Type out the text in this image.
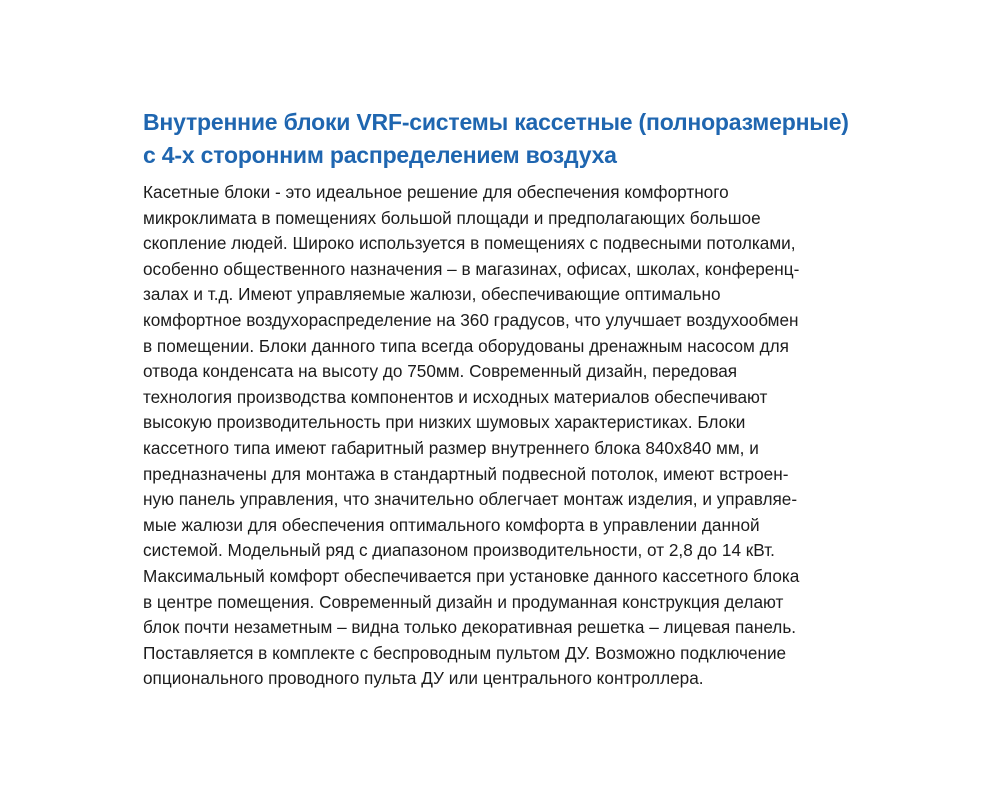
Внутренние блоки VRF-системы кассетные (полноразмерные)
с 4-х сторонним распределением воздуха

Касетные блоки - это идеальное решение для обеспечения комфортного
микроклимата в помещениях большой площади и предполагающих большое
скопление людей. Широко используется в помещениях с подвесными потолками,
особенно общественного назначения – в магазинах, офисах, школах, конференц-
залах и т.д. Имеют управляемые жалюзи, обеспечивающие оптимально
комфортное воздухораспределение на 360 градусов, что улучшает воздухообмен
в помещении. Блоки данного типа всегда оборудованы дренажным насосом для
отвода конденсата на высоту до 750мм. Современный дизайн, передовая
технология производства компонентов и исходных материалов обеспечивают
высокую производительность при низких шумовых характеристиках. Блоки
кассетного типа имеют габаритный размер внутреннего блока 840х840 мм, и
предназначены для монтажа в стандартный подвесной потолок, имеют встроен-
ную панель управления, что значительно облегчает монтаж изделия, и управляе-
мые жалюзи для обеспечения оптимального комфорта в управлении данной
системой. Модельный ряд с диапазоном производительности, от 2,8 до 14 кВт.
Максимальный комфорт обеспечивается при установке данного кассетного блока
в центре помещения. Современный дизайн и продуманная конструкция делают
блок почти незаметным – видна только декоративная решетка – лицевая панель.
Поставляется в комплекте с беспроводным пультом ДУ. Возможно подключение
опционального проводного пульта ДУ или центрального контроллера.
